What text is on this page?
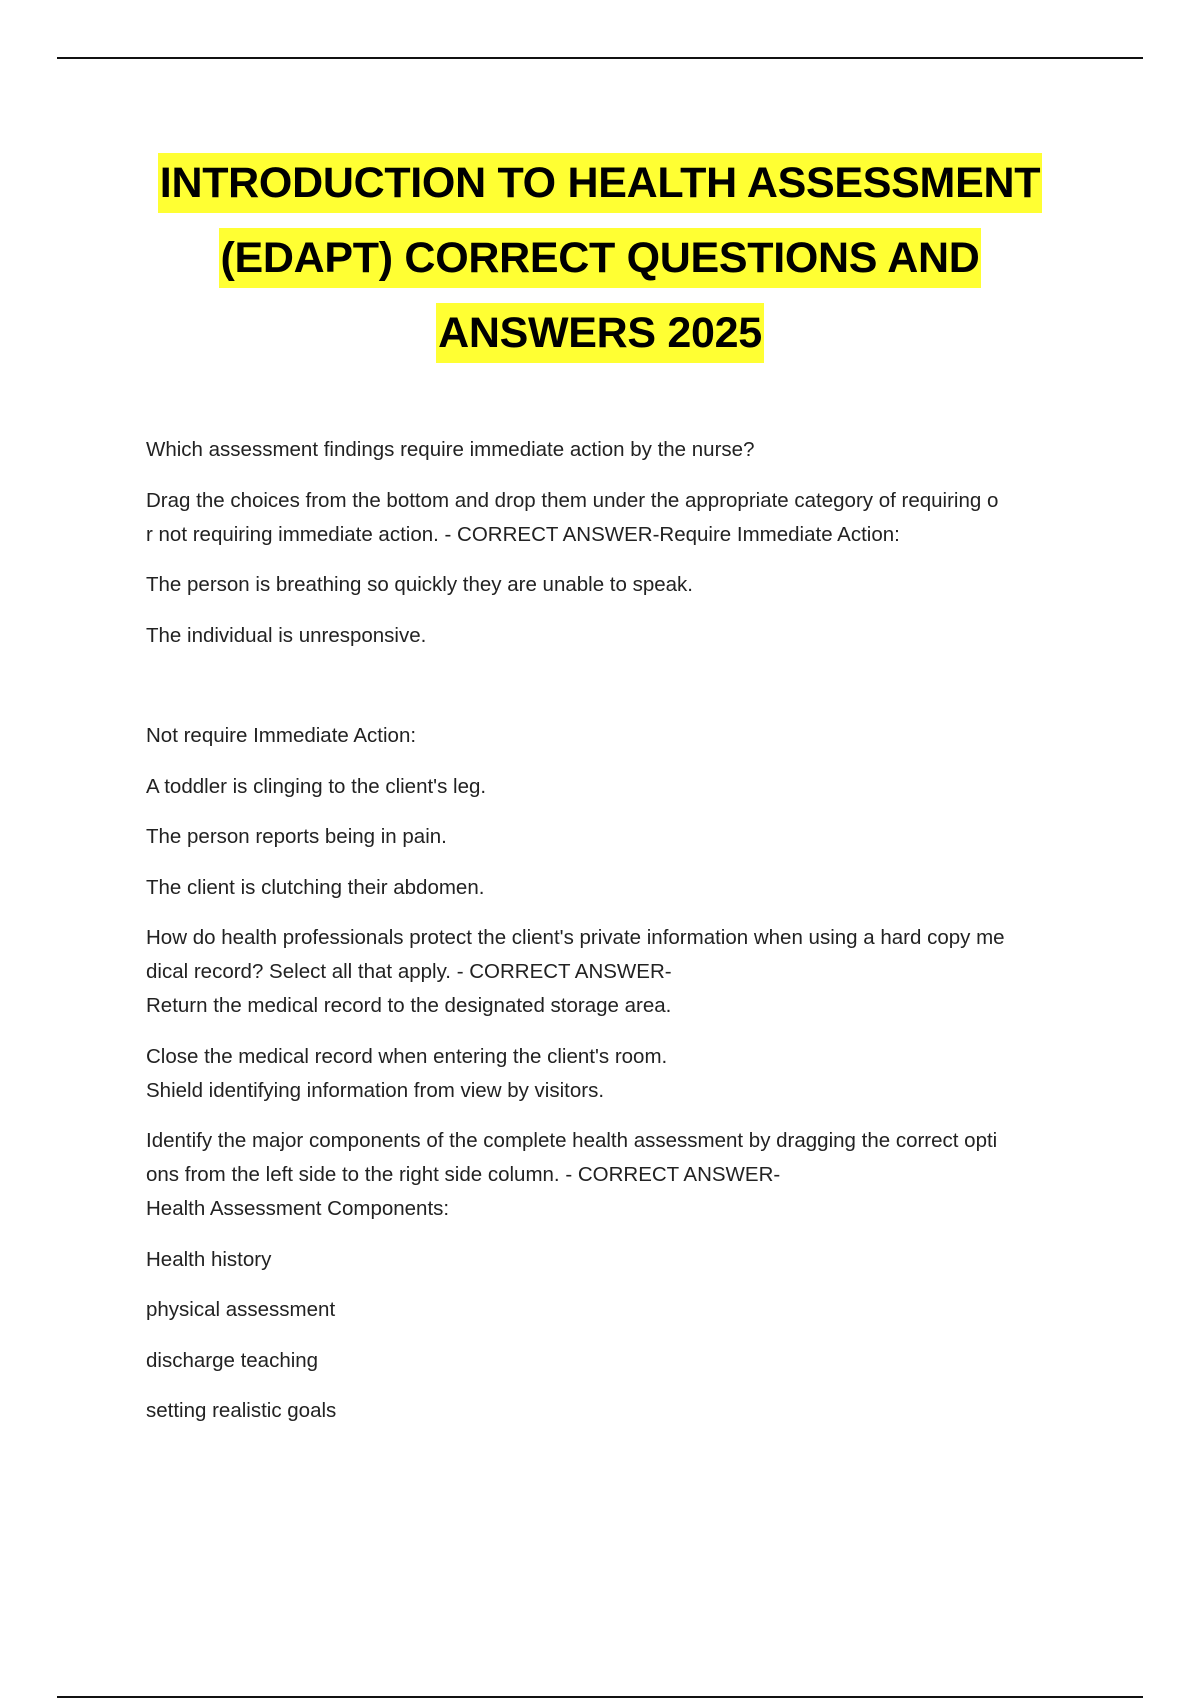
INTRODUCTION TO HEALTH ASSESSMENT
(EDAPT) CORRECT QUESTIONS AND
ANSWERS 2025

Which assessment findings require immediate action by the nurse?

Drag the choices from the bottom and drop them under the appropriate category of requiring o
r not requiring immediate action. - CORRECT ANSWER-Require Immediate Action:

The person is breathing so quickly they are unable to speak.

The individual is unresponsive.

Not require Immediate Action:

A toddler is clinging to the client's leg.

The person reports being in pain.

The client is clutching their abdomen.

How do health professionals protect the client's private information when using a hard copy me
dical record? Select all that apply. - CORRECT ANSWER-
Return the medical record to the designated storage area.

Close the medical record when entering the client's room.
Shield identifying information from view by visitors.

Identify the major components of the complete health assessment by dragging the correct opti
ons from the left side to the right side column. - CORRECT ANSWER-
Health Assessment Components:

Health history

physical assessment

discharge teaching

setting realistic goals
